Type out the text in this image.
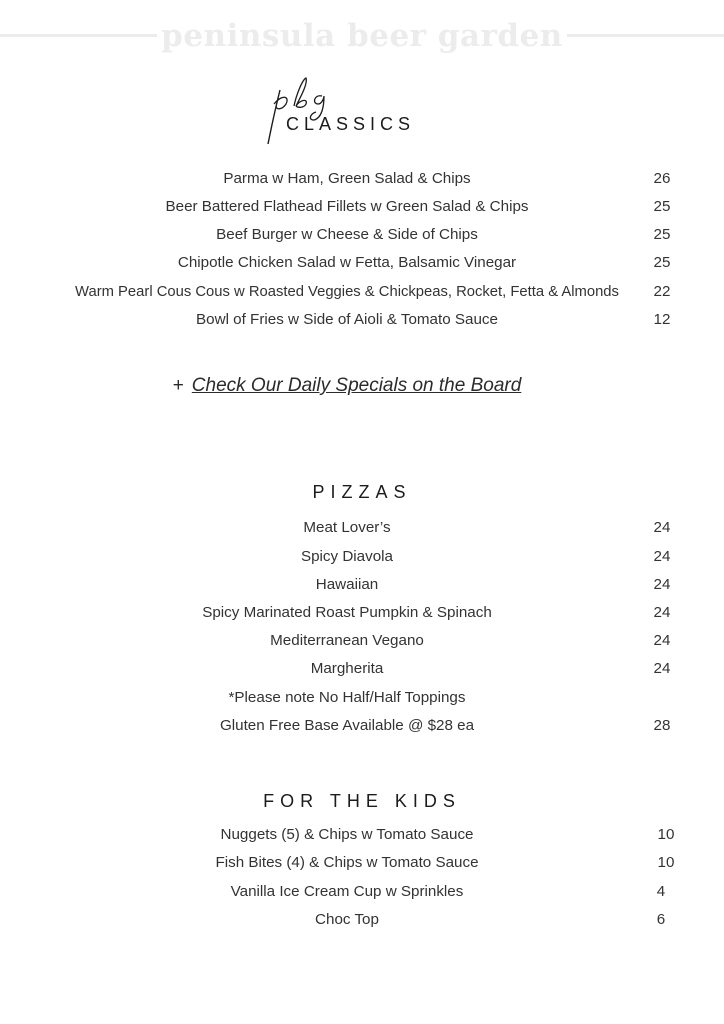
peninsula beer garden
CLASSICS
Parma w Ham, Green Salad & Chips	26
Beer Battered Flathead Fillets w Green Salad & Chips	25
Beef Burger w Cheese & Side of Chips	25
Chipotle Chicken Salad w Fetta, Balsamic Vinegar	25
Warm Pearl Cous Cous w Roasted Veggies & Chickpeas, Rocket, Fetta & Almonds	22
Bowl of Fries w Side of Aioli & Tomato Sauce	12
+ Check Our Daily Specials on the Board
PIZZAS
Meat Lover’s	24
Spicy Diavola	24
Hawaiian	24
Spicy Marinated Roast Pumpkin & Spinach	24
Mediterranean Vegano	24
Margherita	24
*Please note No Half/Half Toppings
Gluten Free Base Available @ $28 ea	28
FOR THE KIDS
Nuggets (5) & Chips w Tomato Sauce	10
Fish Bites (4) & Chips w Tomato Sauce	10
Vanilla Ice Cream Cup w Sprinkles	4
Choc Top	6
